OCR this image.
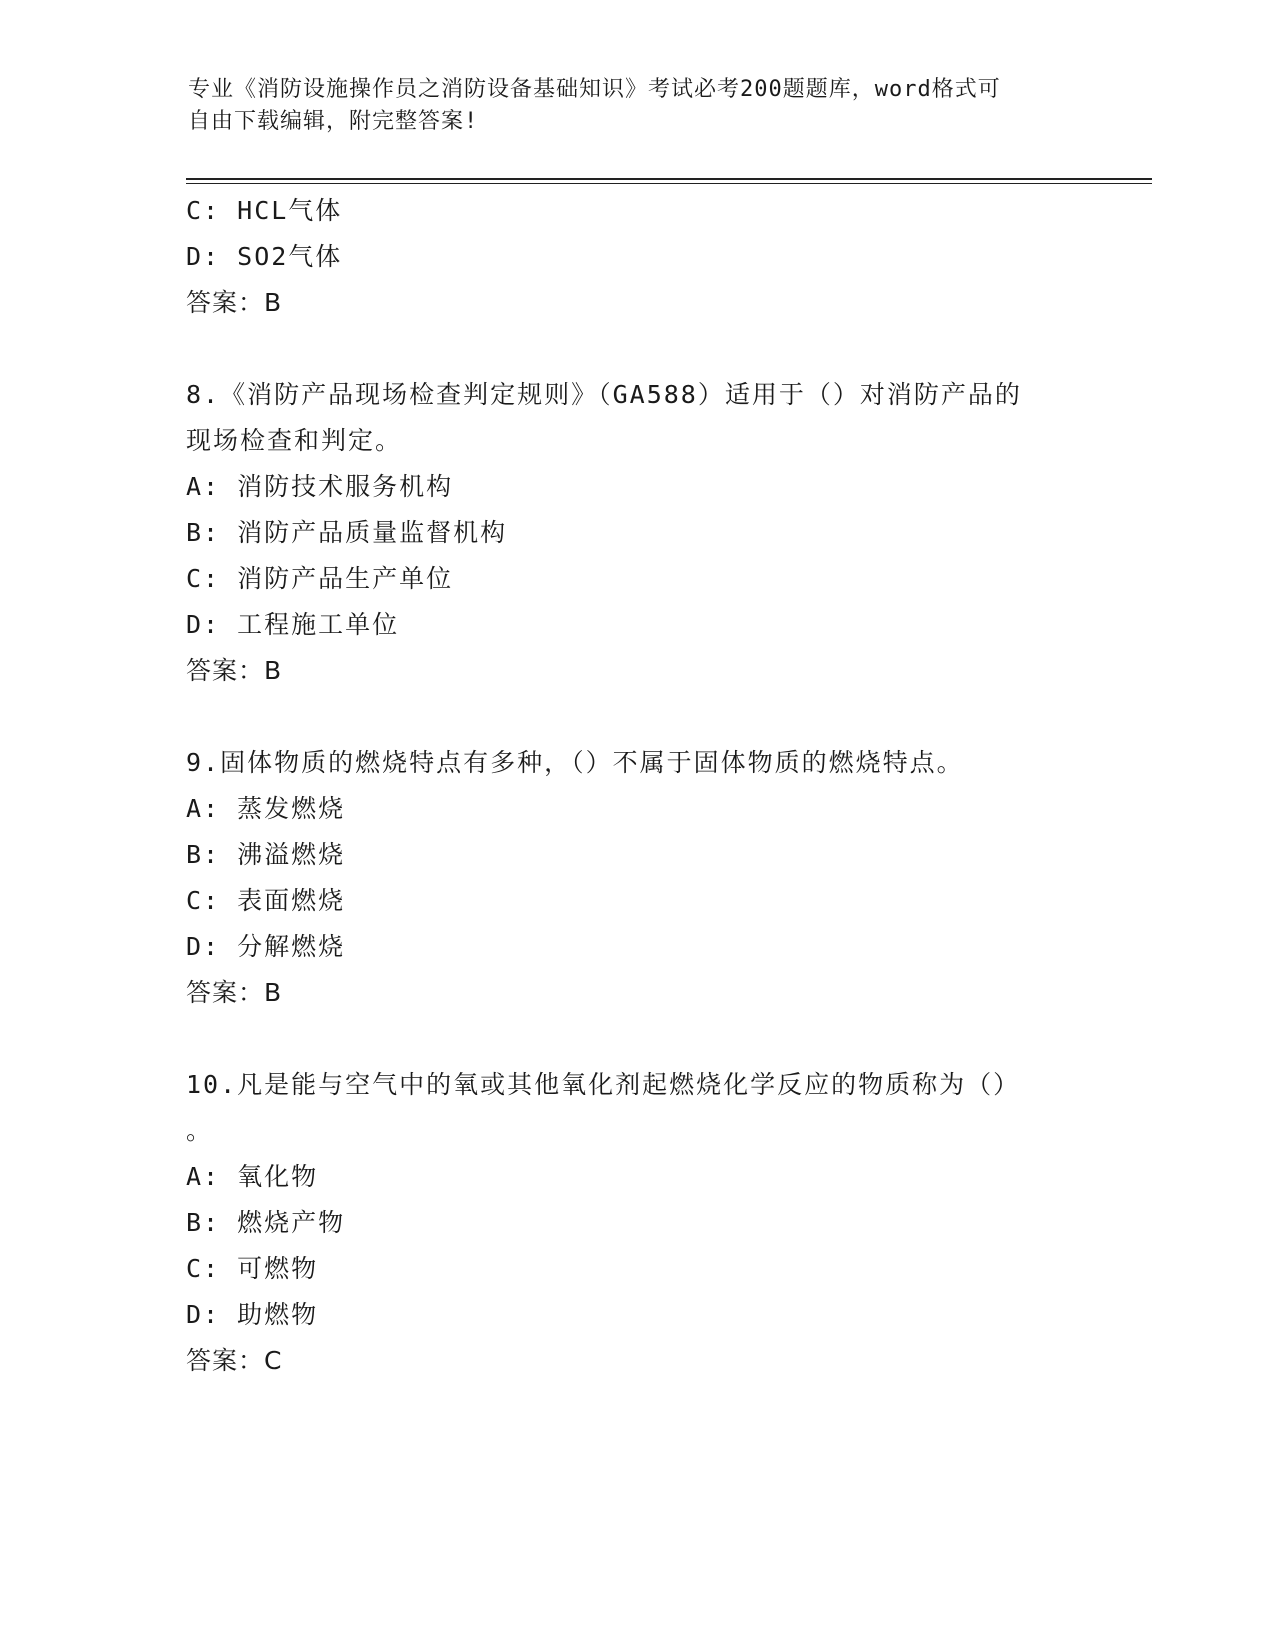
专业《消防设施操作员之消防设备基础知识》考试必考200题题库，word格式可
自由下载编辑，附完整答案!
C: HCL气体
D: SO2气体
答案：B
8.《消防产品现场检查判定规则》（GA588）适用于（）对消防产品的
现场检查和判定。
A: 消防技术服务机构
B: 消防产品质量监督机构
C: 消防产品生产单位
D: 工程施工单位
答案：B
9.固体物质的燃烧特点有多种，（）不属于固体物质的燃烧特点。
A: 蒸发燃烧
B: 沸溢燃烧
C: 表面燃烧
D: 分解燃烧
答案：B
10.凡是能与空气中的氧或其他氧化剂起燃烧化学反应的物质称为（）
。
A: 氧化物
B: 燃烧产物
C: 可燃物
D: 助燃物
答案：C
